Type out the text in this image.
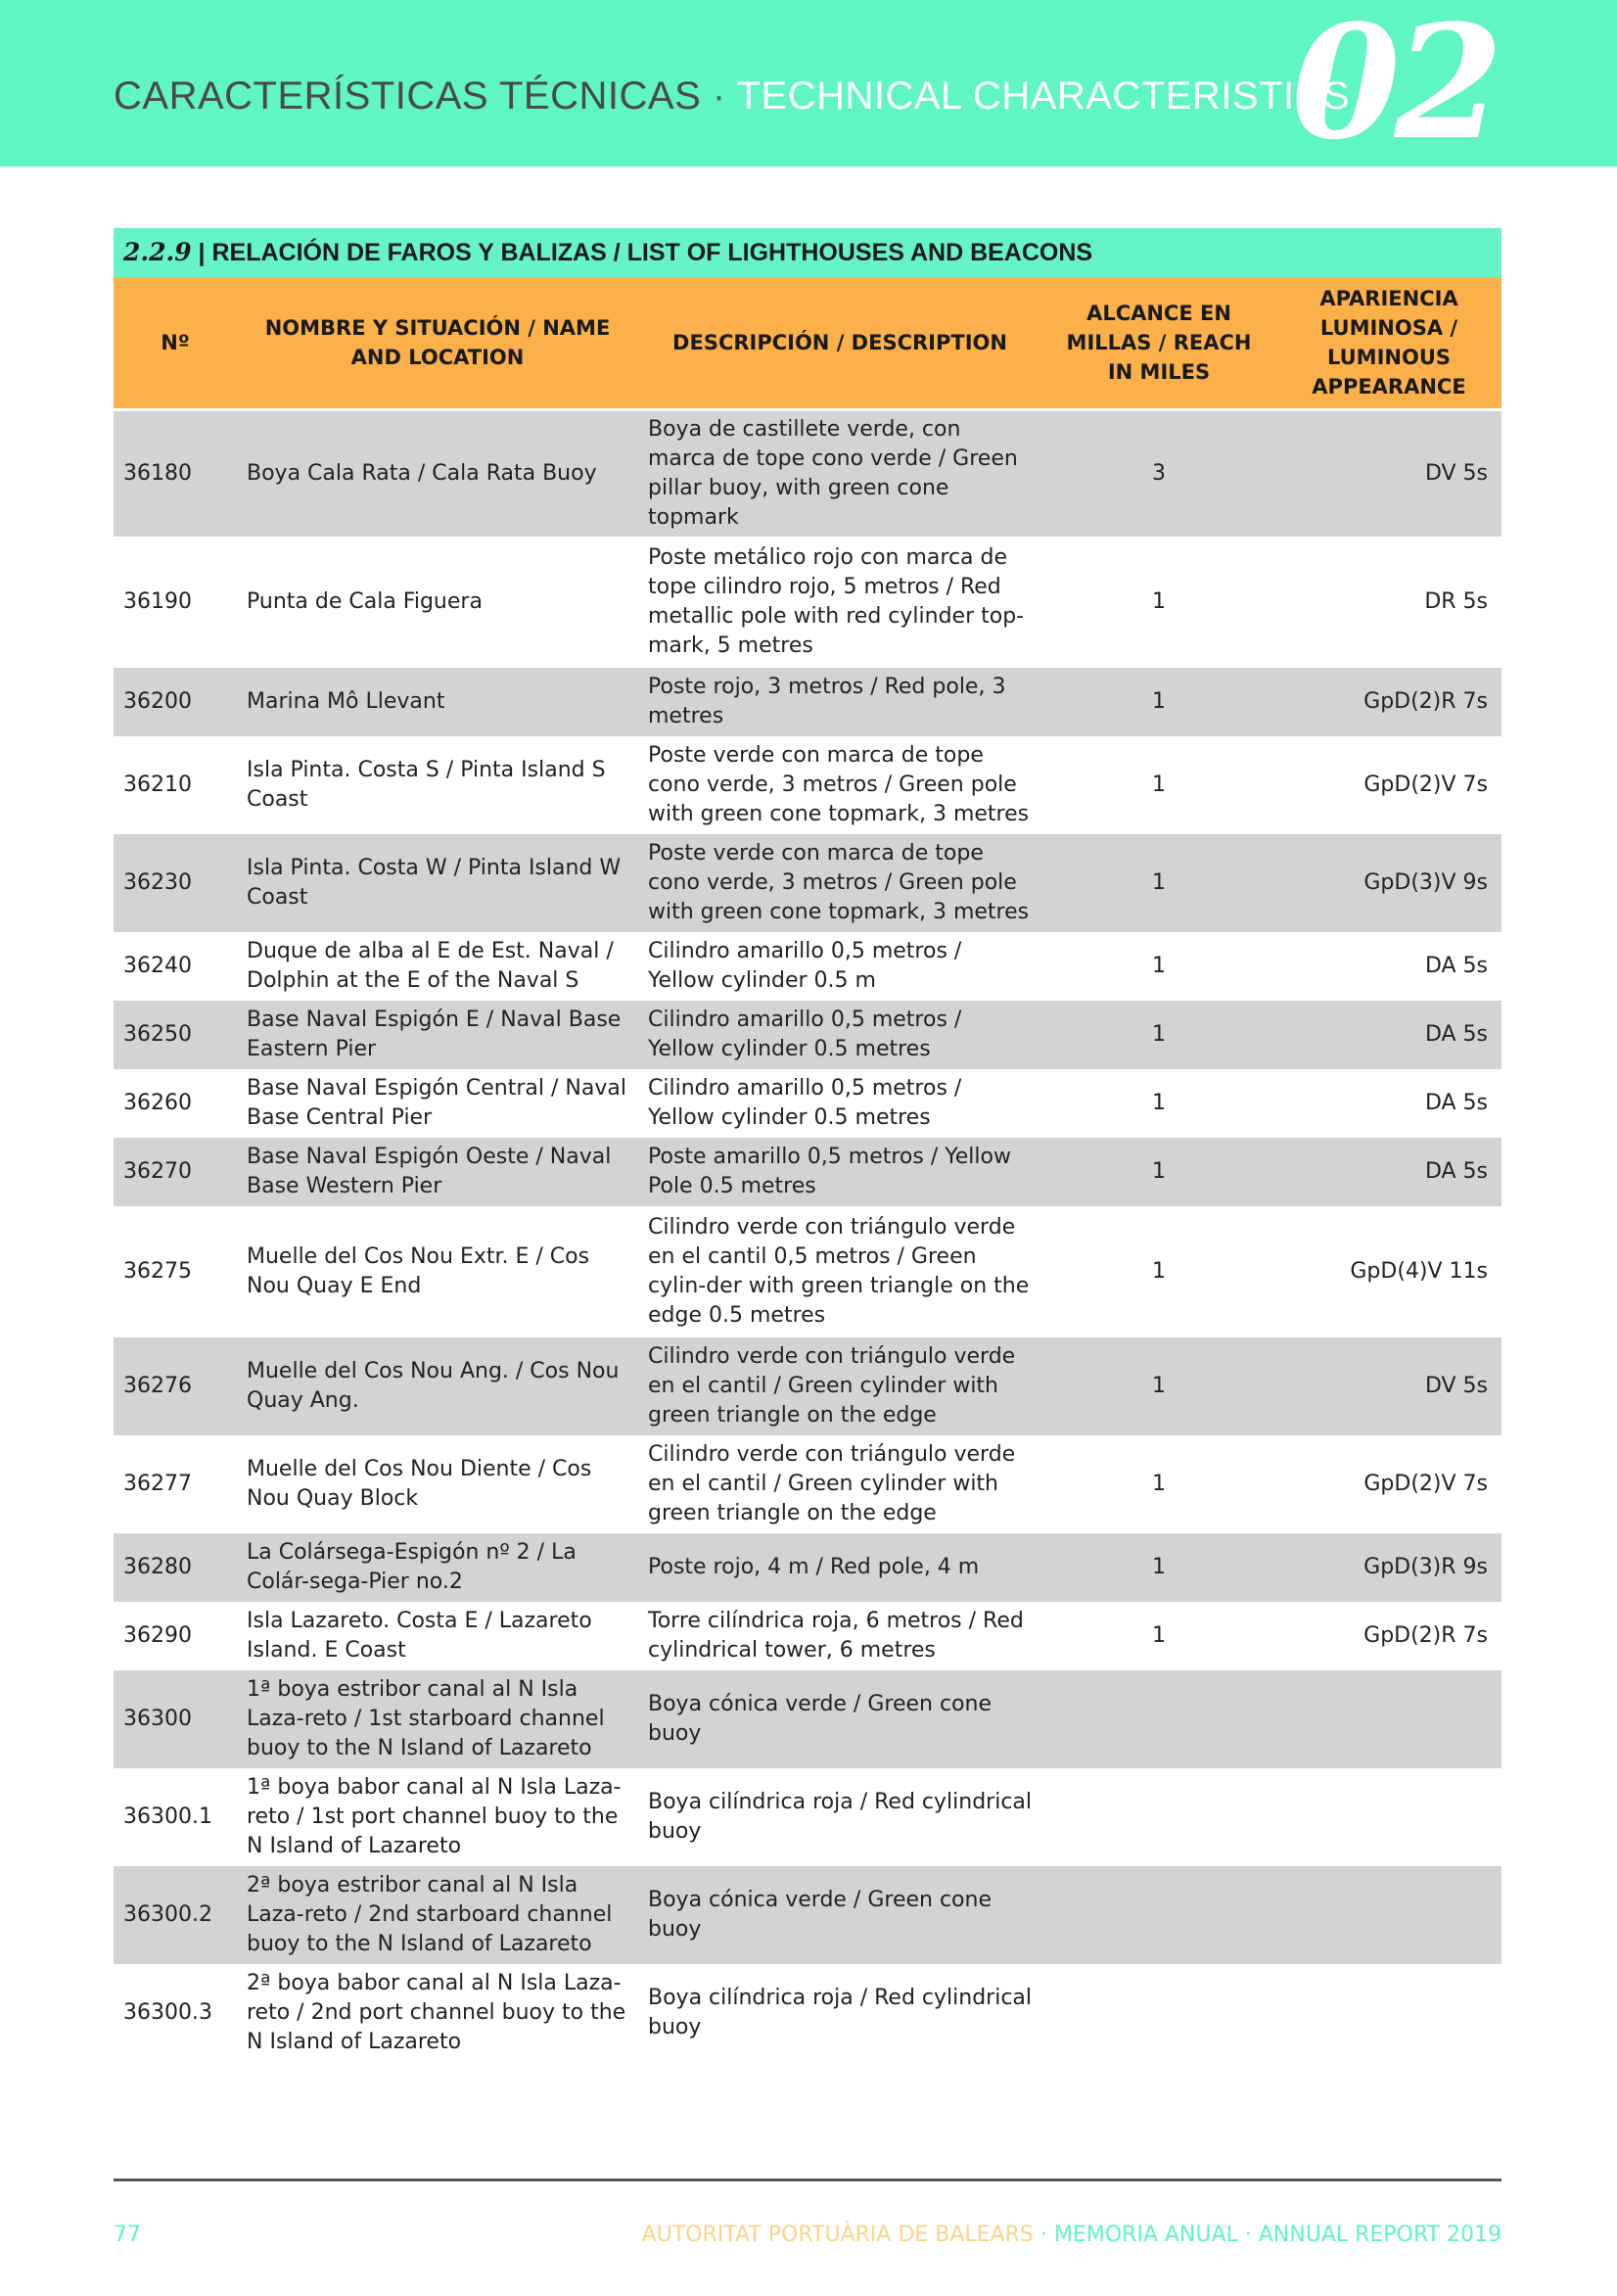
CARACTERÍSTICAS TÉCNICAS · TECHNICAL CHARACTERISTICS
02
2.2.9 | RELACIÓN DE FAROS Y BALIZAS / LIST OF LIGHTHOUSES AND BEACONS
Nº	NOMBRE Y SITUACIÓN / NAME AND LOCATION	DESCRIPCIÓN / DESCRIPTION	ALCANCE EN MILLAS / REACH IN MILES	APARIENCIA LUMINOSA / LUMINOUS APPEARANCE
36180	Boya Cala Rata / Cala Rata Buoy	Boya de castillete verde, con marca de tope cono verde / Green pillar buoy, with green cone topmark	3	DV 5s
36190	Punta de Cala Figuera	Poste metálico rojo con marca de tope cilindro rojo, 5 metros / Red metallic pole with red cylinder top-mark, 5 metres	1	DR 5s
36200	Marina Mô Llevant	Poste rojo, 3 metros / Red pole, 3 metres	1	GpD(2)R 7s
36210	Isla Pinta. Costa S / Pinta Island S Coast	Poste verde con marca de tope cono verde, 3 metros / Green pole with green cone topmark, 3 metres	1	GpD(2)V 7s
36230	Isla Pinta. Costa W / Pinta Island W Coast	Poste verde con marca de tope cono verde, 3 metros / Green pole with green cone topmark, 3 metres	1	GpD(3)V 9s
36240	Duque de alba al E de Est. Naval / Dolphin at the E of the Naval S	Cilindro amarillo 0,5 metros / Yellow cylinder 0.5 m	1	DA 5s
36250	Base Naval Espigón E / Naval Base Eastern Pier	Cilindro amarillo 0,5 metros / Yellow cylinder 0.5 metres	1	DA 5s
36260	Base Naval Espigón Central / Naval Base Central Pier	Cilindro amarillo 0,5 metros / Yellow cylinder 0.5 metres	1	DA 5s
36270	Base Naval Espigón Oeste / Naval Base Western Pier	Poste amarillo 0,5 metros / Yellow Pole 0.5 metres	1	DA 5s
36275	Muelle del Cos Nou Extr. E / Cos Nou Quay E End	Cilindro verde con triángulo verde en el cantil 0,5 metros / Green cylin-der with green triangle on the edge 0.5 metres	1	GpD(4)V 11s
36276	Muelle del Cos Nou Ang. / Cos Nou Quay Ang.	Cilindro verde con triángulo verde en el cantil / Green cylinder with green triangle on the edge	1	DV 5s
36277	Muelle del Cos Nou Diente / Cos Nou Quay Block	Cilindro verde con triángulo verde en el cantil / Green cylinder with green triangle on the edge	1	GpD(2)V 7s
36280	La Colársega-Espigón nº 2 / La Colár-sega-Pier no.2	Poste rojo, 4 m / Red pole, 4 m	1	GpD(3)R 9s
36290	Isla Lazareto. Costa E / Lazareto Island. E Coast	Torre cilíndrica roja, 6 metros / Red cylindrical tower, 6 metres	1	GpD(2)R 7s
36300	1ª boya estribor canal al N Isla Laza-reto / 1st starboard channel buoy to the N Island of Lazareto	Boya cónica verde / Green cone buoy		
36300.1	1ª boya babor canal al N Isla Laza-reto / 1st port channel buoy to the N Island of Lazareto	Boya cilíndrica roja / Red cylindrical buoy		
36300.2	2ª boya estribor canal al N Isla Laza-reto / 2nd starboard channel buoy to the N Island of Lazareto	Boya cónica verde / Green cone buoy		
36300.3	2ª boya babor canal al N Isla Laza-reto / 2nd port channel buoy to the N Island of Lazareto	Boya cilíndrica roja / Red cylindrical buoy		
77	AUTORITAT PORTUÀRIA DE BALEARS · MEMORIA ANUAL · ANNUAL REPORT 2019
